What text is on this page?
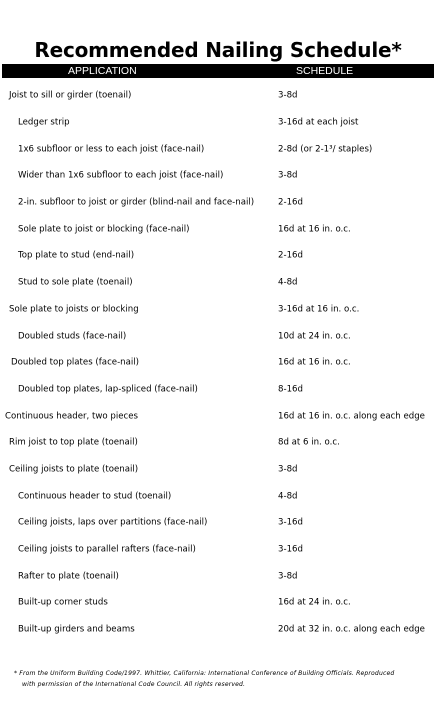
Recommended Nailing Schedule*
APPLICATION	SCHEDULE
Joist to sill or girder (toenail)	3-8d
Ledger strip	3-16d at each joist
1x6 subfloor or less to each joist (face-nail)	2-8d (or 2-1³/ staples)
Wider than 1x6 subfloor to each joist (face-nail)	3-8d
2-in. subfloor to joist or girder (blind-nail and face-nail)	2-16d
Sole plate to joist or blocking (face-nail)	16d at 16 in. o.c.
Top plate to stud (end-nail)	2-16d
Stud to sole plate (toenail)	4-8d
Sole plate to joists or blocking	3-16d at 16 in. o.c.
Doubled studs (face-nail)	10d at 24 in. o.c.
Doubled top plates (face-nail)	16d at 16 in. o.c.
Doubled top plates, lap-spliced (face-nail)	8-16d
Continuous header, two pieces	16d at 16 in. o.c. along each edge
Rim joist to top plate (toenail)	8d at 6 in. o.c.
Ceiling joists to plate (toenail)	3-8d
Continuous header to stud (toenail)	4-8d
Ceiling joists, laps over partitions (face-nail)	3-16d
Ceiling joists to parallel rafters (face-nail)	3-16d
Rafter to plate (toenail)	3-8d
Built-up corner studs	16d at 24 in. o.c.
Built-up girders and beams	20d at 32 in. o.c. along each edge
* From the Uniform Building Code/1997. Whittier, California: International Conference of Building Officials. Reproduced
with permission of the International Code Council. All rights reserved.
